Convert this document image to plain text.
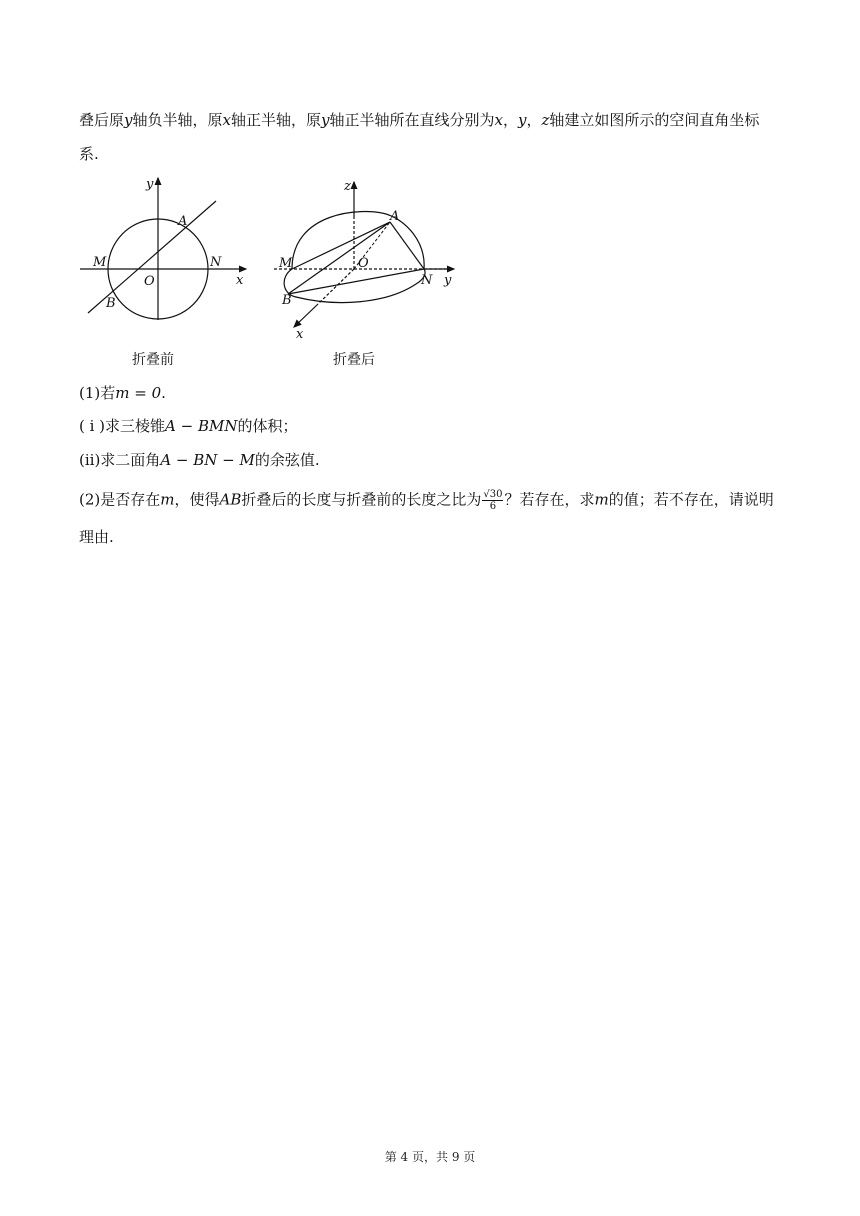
叠后原y轴负半轴，原x轴正半轴，原y轴正半轴所在直线分别为x，y，z轴建立如图所示的空间直角坐标
系.
x
y
A
B
M	N
O
折叠前
y
z
x
A
B
M
N
O
折叠后
(1)若m = 0.
( ⅰ )求三棱锥A − BMN的体积；
(ⅱ)求二面角A − BN − M的余弦值.
(2)是否存在m，使得AB折叠后的长度与折叠前的长度之比为 $\frac{√30}{6}$ ？若存在，求m的值；若不存在，请说明
理由.
第 4 页，共 9 页
